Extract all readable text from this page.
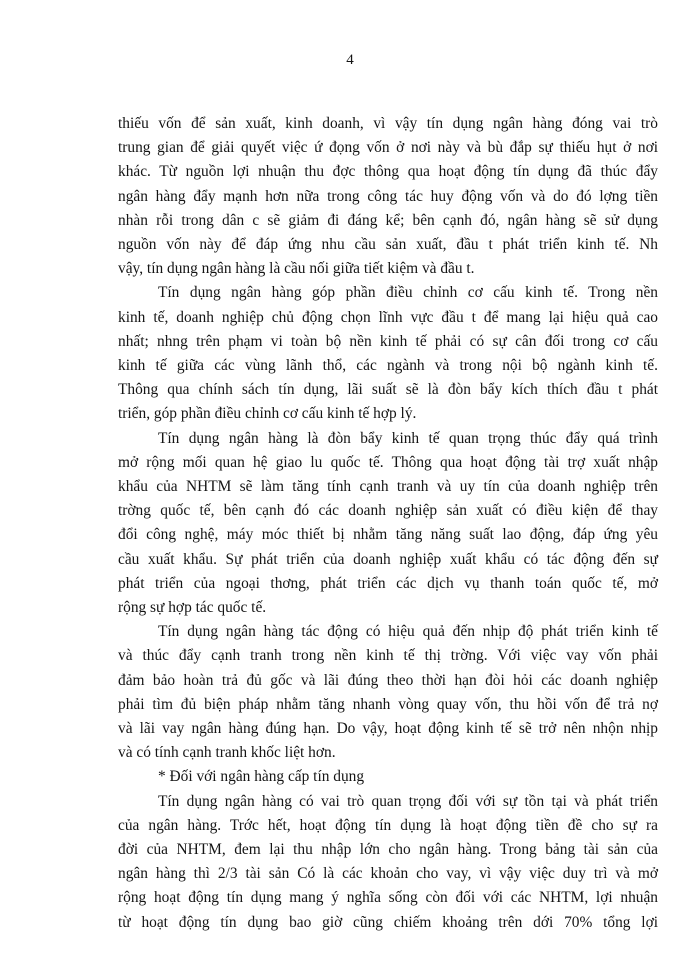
4
thiếu vốn để sản xuất, kinh doanh, vì vậy tín dụng ngân hàng đóng vai trò
trung gian để giải quyết việc ứ đọng vốn ở nơi này và bù đắp sự thiếu hụt ở nơi
khác. Từ nguồn lợi nhuận thu đợc thông qua hoạt động tín dụng đã thúc đẩy
ngân hàng đẩy mạnh hơn nữa trong công tác huy động vốn và do đó lợng tiền
nhàn rỗi trong dân c sẽ giảm đi đáng kể; bên cạnh đó, ngân hàng sẽ sử dụng
nguồn vốn này để đáp ứng nhu cầu sản xuất, đầu t phát triển kinh tế. Nh
vậy, tín dụng ngân hàng là cầu nối giữa tiết kiệm và đầu t.
Tín dụng ngân hàng góp phần điều chỉnh cơ cấu kinh tế. Trong nền
kinh tế, doanh nghiệp chủ động chọn lĩnh vực đầu t để mang lại hiệu quả cao
nhất; nhng trên phạm vi toàn bộ nền kinh tế phải có sự cân đối trong cơ cấu
kinh tế giữa các vùng lãnh thổ, các ngành và trong nội bộ ngành kinh tế.
Thông qua chính sách tín dụng, lãi suất sẽ là đòn bẩy kích thích đầu t phát
triển, góp phần điều chỉnh cơ cấu kinh tế hợp lý.
Tín dụng ngân hàng là đòn bẩy kinh tế quan trọng thúc đẩy quá trình
mở rộng mối quan hệ giao lu quốc tế. Thông qua hoạt động tài trợ xuất nhập
khẩu của NHTM sẽ làm tăng tính cạnh tranh và uy tín của doanh nghiệp trên
trờng quốc tế, bên cạnh đó các doanh nghiệp sản xuất có điều kiện để thay
đổi công nghệ, máy móc thiết bị nhằm tăng năng suất lao động, đáp ứng yêu
cầu xuất khẩu. Sự phát triển của doanh nghiệp xuất khẩu có tác động đến sự
phát triển của ngoại thơng, phát triển các dịch vụ thanh toán quốc tế, mở
rộng sự hợp tác quốc tế.
Tín dụng ngân hàng tác động có hiệu quả đến nhịp độ phát triển kinh tế
và thúc đẩy cạnh tranh trong nền kinh tế thị trờng. Với việc vay vốn phải
đảm bảo hoàn trả đủ gốc và lãi đúng theo thời hạn đòi hỏi các doanh nghiệp
phải tìm đủ biện pháp nhằm tăng nhanh vòng quay vốn, thu hồi vốn để trả nợ
và lãi vay ngân hàng đúng hạn. Do vậy, hoạt động kinh tế sẽ trở nên nhộn nhịp
và có tính cạnh tranh khốc liệt hơn.
* Đối với ngân hàng cấp tín dụng
Tín dụng ngân hàng có vai trò quan trọng đối với sự tồn tại và phát triển
của ngân hàng. Trớc hết, hoạt động tín dụng là hoạt động tiền đề cho sự ra
đời của NHTM, đem lại thu nhập lớn cho ngân hàng. Trong bảng tài sản của
ngân hàng thì 2/3 tài sản Có là các khoản cho vay, vì vậy việc duy trì và mở
rộng hoạt động tín dụng mang ý nghĩa sống còn đối với các NHTM, lợi nhuận
từ hoạt động tín dụng bao giờ cũng chiếm khoảng trên dới 70% tổng lợi
